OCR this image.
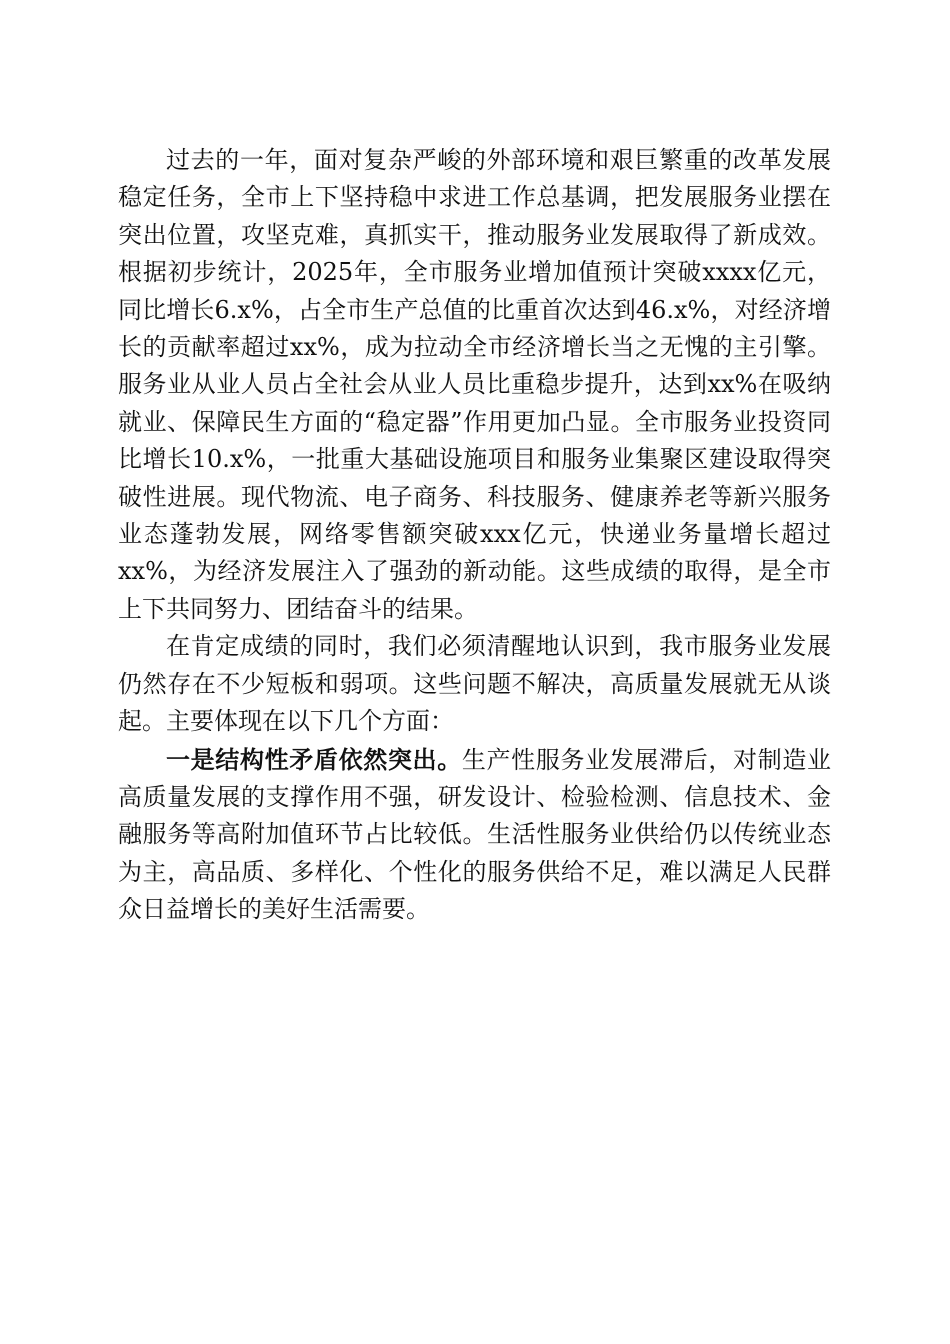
过去的一年，面对复杂严峻的外部环境和艰巨繁重的改革发展稳定任务，全市上下坚持稳中求进工作总基调，把发展服务业摆在突出位置，攻坚克难，真抓实干，推动服务业发展取得了新成效。根据初步统计，2025年，全市服务业增加值预计突破xxxx亿元，同比增长6.x%，占全市生产总值的比重首次达到46.x%，对经济增长的贡献率超过xx%，成为拉动全市经济增长当之无愧的主引擎。服务业从业人员占全社会从业人员比重稳步提升，达到xx%在吸纳就业、保障民生方面的“稳定器”作用更加凸显。全市服务业投资同比增长10.x%，一批重大基础设施项目和服务业集聚区建设取得突破性进展。现代物流、电子商务、科技服务、健康养老等新兴服务业态蓬勃发展，网络零售额突破xxx亿元，快递业务量增长超过xx%，为经济发展注入了强劲的新动能。这些成绩的取得，是全市上下共同努力、团结奋斗的结果。

在肯定成绩的同时，我们必须清醒地认识到，我市服务业发展仍然存在不少短板和弱项。这些问题不解决，高质量发展就无从谈起。主要体现在以下几个方面：

一是结构性矛盾依然突出。生产性服务业发展滞后，对制造业高质量发展的支撑作用不强，研发设计、检验检测、信息技术、金融服务等高附加值环节占比较低。生活性服务业供给仍以传统业态为主，高品质、多样化、个性化的服务供给不足，难以满足人民群众日益增长的美好生活需要。
